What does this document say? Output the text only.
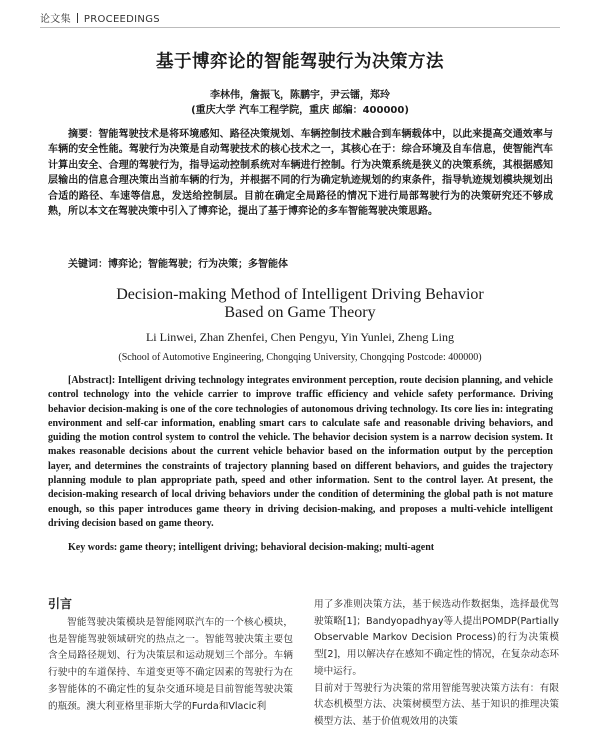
论文集 PROCEEDINGS
基于博弈论的智能驾驶行为决策方法
李林伟，詹振飞，陈鹏宇，尹云镭，郑玲
(重庆大学 汽车工程学院，重庆 邮编：400000)
摘要：智能驾驶技术是将环境感知、路径决策规划、车辆控制技术融合到车辆载体中，以此来提高交通效率与车辆的安全性能。驾驶行为决策是自动驾驶技术的核心技术之一，其核心在于：综合环境及自车信息，使智能汽车计算出安全、合理的驾驶行为，指导运动控制系统对车辆进行控制。行为决策系统是狭义的决策系统，其根据感知层输出的信息合理决策出当前车辆的行为，并根据不同的行为确定轨迹规划的约束条件，指导轨迹规划模块规划出合适的路径、车速等信息，发送给控制层。目前在确定全局路径的情况下进行局部驾驶行为的决策研究还不够成熟，所以本文在驾驶决策中引入了博弈论，提出了基于博弈论的多车智能驾驶决策思路。
关键词：博弈论；智能驾驶；行为决策；多智能体
Decision-making Method of Intelligent Driving Behavior
Based on Game Theory
Li Linwei, Zhan Zhenfei, Chen Pengyu, Yin Yunlei, Zheng Ling
(School of Automotive Engineering, Chongqing University, Chongqing Postcode: 400000)
[Abstract]: Intelligent driving technology integrates environment perception, route decision planning, and vehicle control technology into the vehicle carrier to improve traffic efficiency and vehicle safety performance. Driving behavior decision-making is one of the core technologies of autonomous driving technology. Its core lies in: integrating environment and self-car information, enabling smart cars to calculate safe and reasonable driving behaviors, and guiding the motion control system to control the vehicle. The behavior decision system is a narrow decision system. It makes reasonable decisions about the current vehicle behavior based on the information output by the perception layer, and determines the constraints of trajectory planning based on different behaviors, and guides the trajectory planning module to plan appropriate path, speed and other information. Sent to the control layer. At present, the decision-making research of local driving behaviors under the condition of determining the global path is not mature enough, so this paper introduces game theory in driving decision-making, and proposes a multi-vehicle intelligent driving decision based on game theory.
Key words: game theory; intelligent driving; behavioral decision-making; multi-agent
引言
智能驾驶决策模块是智能网联汽车的一个核心模块，也是智能驾驶领域研究的热点之一。智能驾驶决策主要包含全局路径规划、行为决策层和运动规划三个部分。车辆行驶中的车道保持、车道变更等不确定因素的驾驶行为在多智能体的不确定性的复杂交通环境是目前智能驾驶决策的瓶颈。澳大利亚格里菲斯大学的Furda和Vlacic利

用了多准则决策方法，基于候选动作数据集，选择最优驾驶策略[1]；Bandyopadhyay等人提出POMDP(Partially Observable Markov Decision Process)的行为决策模型[2]，用以解决存在感知不确定性的情况，在复杂动态环境中运行。

目前对于驾驶行为决策的常用智能驾驶决策方法有：有限状态机模型方法、决策树模型方法、基于知识的推理决策模型方法、基于价值观效用的决策
